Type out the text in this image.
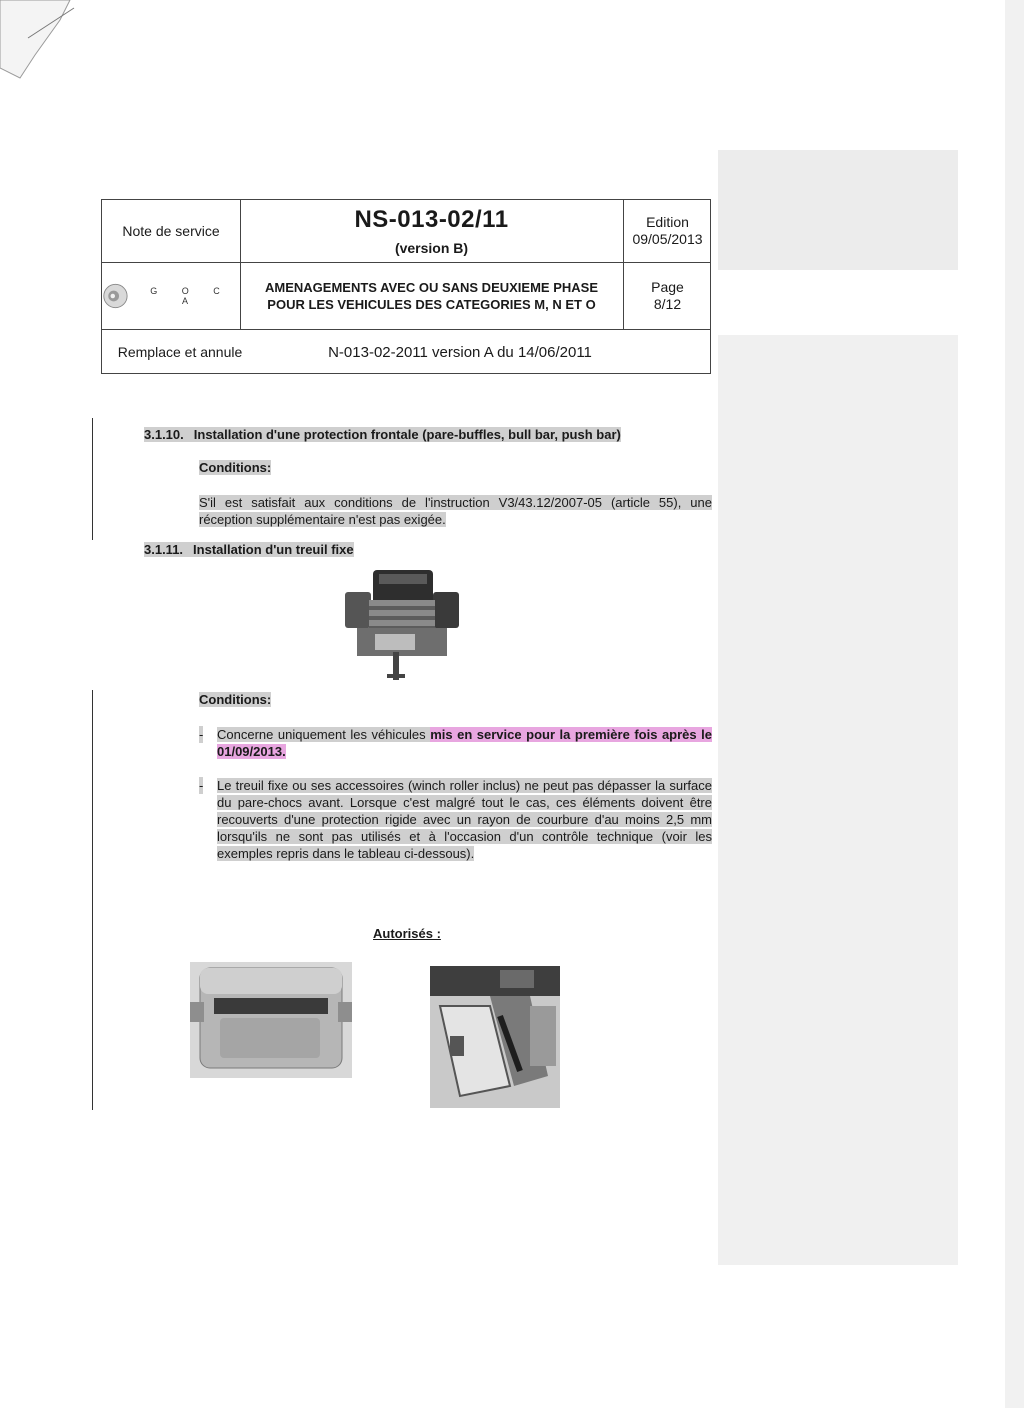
Note de service	NS-013-02/11
(version B)
Edition
09/05/2013
G O C A
AMENAGEMENTS AVEC OU SANS DEUXIEME PHASE
POUR LES VEHICULES DES CATEGORIES M, N ET O
Page
8/12
Remplace et annule	N-013-02-2011 version A du 14/06/2011
3.1.10. Installation d'une protection frontale (pare-buffles, bull bar, push bar)
Conditions:
S'il est satisfait aux conditions de l'instruction V3/43.12/2007-05 (article 55), une réception supplémentaire n'est pas exigée.
3.1.11. Installation d'un treuil fixe
Conditions:
- Concerne uniquement les véhicules mis en service pour la première fois après le 01/09/2013.
- Le treuil fixe ou ses accessoires (winch roller inclus) ne peut pas dépasser la surface du pare-chocs avant. Lorsque c'est malgré tout le cas, ces éléments doivent être recouverts d'une protection rigide avec un rayon de courbure d'au moins 2,5 mm lorsqu'ils ne sont pas utilisés et à l'occasion d'un contrôle technique (voir les exemples repris dans le tableau ci-dessous).
Autorisés :
